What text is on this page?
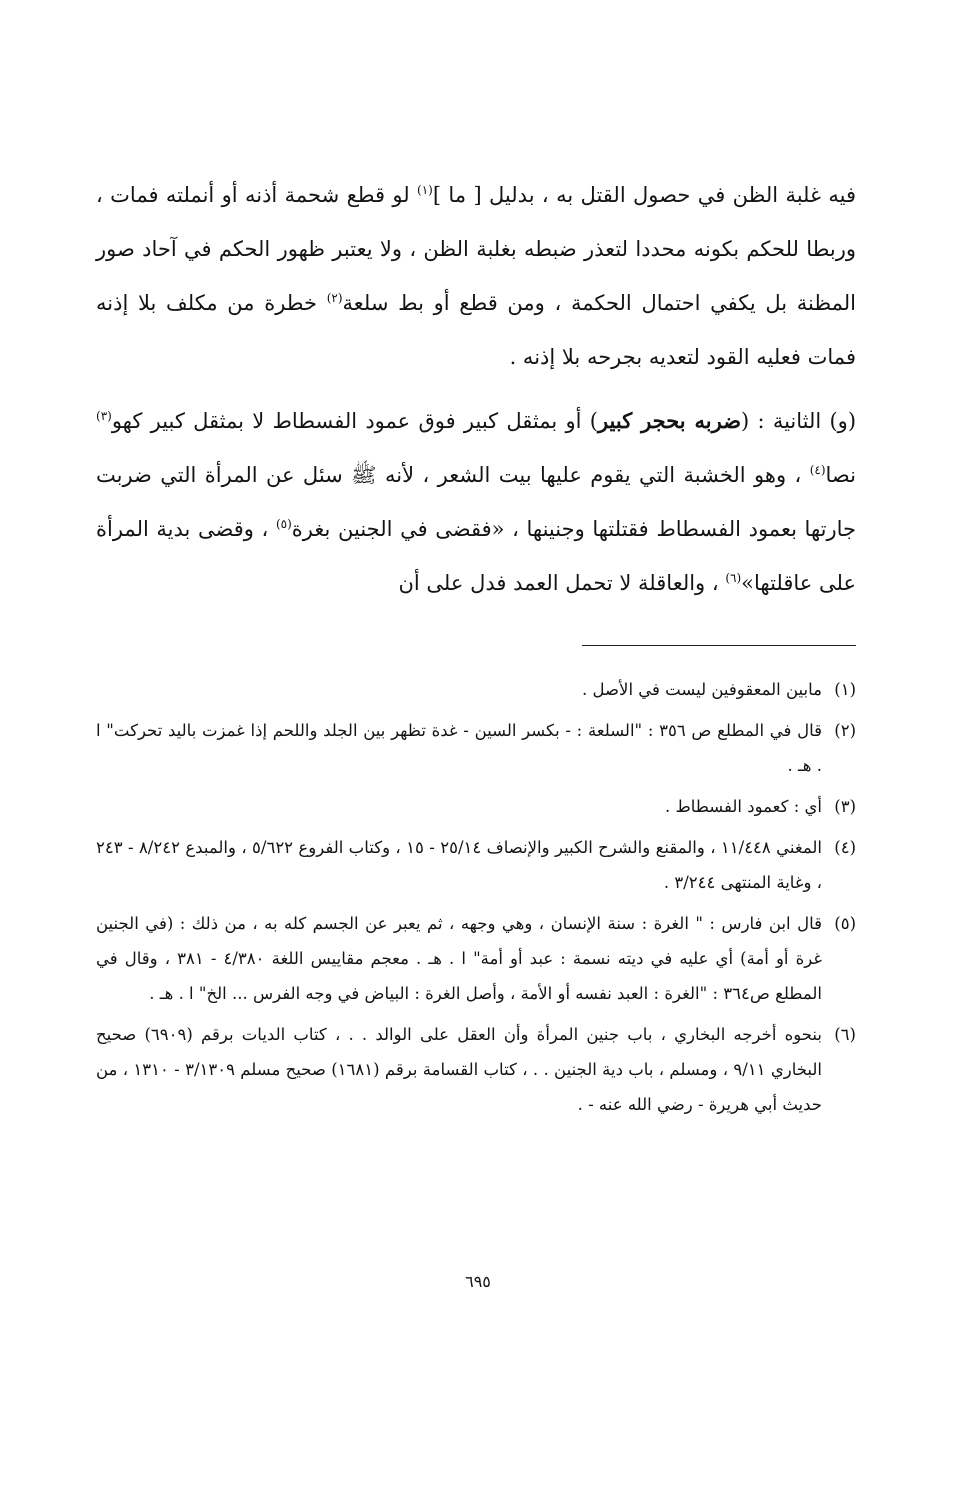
فيه غلبة الظن في حصول القتل به ، بدليل [ ما ]$^{(١)}$ لو قطع شحمة أذنه أو أنملته فمات ، وربطا للحكم بكونه محددا لتعذر ضبطه بغلبة الظن ، ولا يعتبر ظهور الحكم في آحاد صور المظنة بل يكفي احتمال الحكمة ، ومن قطع أو بط سلعة$^{(٢)}$ خطرة من مكلف بلا إذنه فمات فعليه القود لتعديه بجرحه بلا إذنه .

(و) الثانية : (ضربه بحجر كبير) أو بمثقل كبير فوق عمود الفسطاط لا بمثقل كبير كهو$^{(٣)}$ نصا$^{(٤)}$ ، وهو الخشبة التي يقوم عليها بيت الشعر ، لأنه ﷺ سئل عن المرأة التي ضربت جارتها بعمود الفسطاط فقتلتها وجنينها ، «فقضى في الجنين بغرة$^{(٥)}$ ، وقضى بدية المرأة على عاقلتها»$^{(٦)}$ ، والعاقلة لا تحمل العمد فدل على أن

(١)مابين المعقوفين ليست في الأصل .

(٢)قال في المطلع ص ٣٥٦ : "السلعة : - بكسر السين - غدة تظهر بين الجلد واللحم إذا غمزت باليد تحركت" ا . هـ .

(٣)أي : كعمود الفسطاط .

(٤)المغني ١١/٤٤٨ ، والمقنع والشرح الكبير والإنصاف ٢٥/١٤ - ١٥ ، وكتاب الفروع ٥/٦٢٢ ، والمبدع ٨/٢٤٢ - ٢٤٣ ، وغاية المنتهى ٣/٢٤٤ .

(٥)قال ابن فارس : " الغرة : سنة الإنسان ، وهي وجهه ، ثم يعبر عن الجسم كله به ، من ذلك : (في الجنين غرة أو أمة) أي عليه في ديته نسمة : عبد أو أمة" ا . هـ . معجم مقاييس اللغة ٤/٣٨٠ - ٣٨١ ، وقال في المطلع ص٣٦٤ : "الغرة : العبد نفسه أو الأمة ، وأصل الغرة : البياض في وجه الفرس ... الخ" ا . هـ .

(٦)بنحوه أخرجه البخاري ، باب جنين المرأة وأن العقل على الوالد . . ، كتاب الديات برقم (٦٩٠٩) صحيح البخاري ٩/١١ ، ومسلم ، باب دية الجنين . . ، كتاب القسامة برقم (١٦٨١) صحيح مسلم ٣/١٣٠٩ - ١٣١٠ ، من حديث أبي هريرة - رضي الله عنه - .

٦٩٥
